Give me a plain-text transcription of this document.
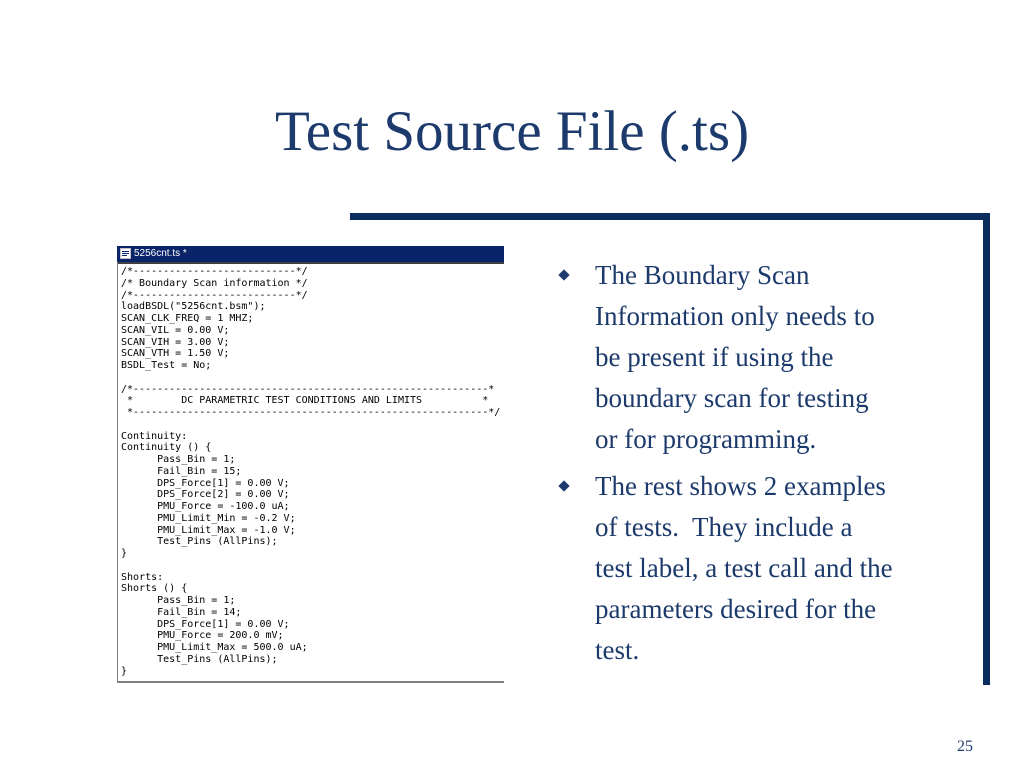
Test Source File (.ts)
5256cnt.ts *
/*---------------------------*/
/* Boundary Scan information */
/*---------------------------*/
loadBSDL("5256cnt.bsm");
SCAN_CLK_FREQ = 1 MHZ;
SCAN_VIL = 0.00 V;
SCAN_VIH = 3.00 V;
SCAN_VTH = 1.50 V;
BSDL_Test = No;
/*-----------------------------------------------------------*
*        DC PARAMETRIC TEST CONDITIONS AND LIMITS          *
*-----------------------------------------------------------*/
Continuity:
Continuity () {
Pass_Bin = 1;
Fail_Bin = 15;
DPS_Force[1] = 0.00 V;
DPS_Force[2] = 0.00 V;
PMU_Force = -100.0 uA;
PMU_Limit_Min = -0.2 V;
PMU_Limit_Max = -1.0 V;
Test_Pins (AllPins);
}
Shorts:
Shorts () {
Pass_Bin = 1;
Fail_Bin = 14;
DPS_Force[1] = 0.00 V;
PMU_Force = 200.0 mV;
PMU_Limit_Max = 500.0 uA;
Test_Pins (AllPins);
}
The Boundary Scan
Information only needs to
be present if using the
boundary scan for testing
or for programming.
The rest shows 2 examples
of tests.  They include a
test label, a test call and the
parameters desired for the
test.
25
